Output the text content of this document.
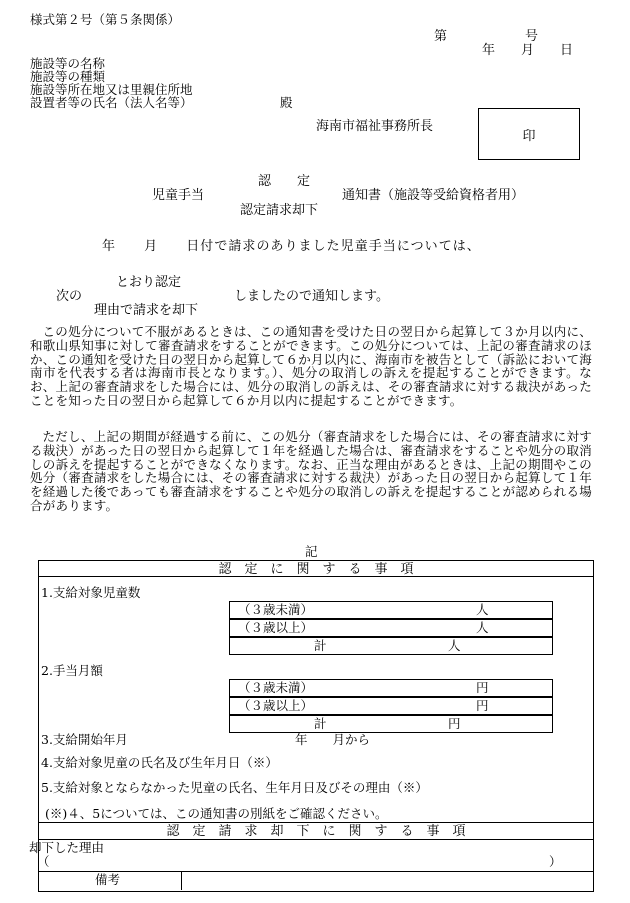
様式第２号（第５条関係）
第　　　　　　号
年　　月　　日
施設等の名称
施設等の種類
施設等所在地又は里親住所地
設置者等の氏名（法人名等）	殿
海南市福祉事務所長
印
認　　定
児童手当	通知書（施設等受給資格者用）
認定請求却下
年　　月　　日付で請求のありました児童手当については、
とおり認定
次の
理由で請求を却下
しましたので通知します。
この処分について不服があるときは、この通知書を受けた日の翌日から起算して３か月以内に、和歌山県知事に対して審査請求をすることができます。この処分については、上記の審査請求のほか、この通知を受けた日の翌日から起算して６か月以内に、海南市を被告として（訴訟において海南市を代表する者は海南市長となります。）、処分の取消しの訴えを提起することができます。なお、上記の審査請求をした場合には、処分の取消しの訴えは、その審査請求に対する裁決があったことを知った日の翌日から起算して６か月以内に提起することができます。
ただし、上記の期間が経過する前に、この処分（審査請求をした場合には、その審査請求に対する裁決）があった日の翌日から起算して１年を経過した場合は、審査請求をすることや処分の取消しの訴えを提起することができなくなります。なお、正当な理由があるときは、上記の期間やこの処分（審査請求をした場合には、その審査請求に対する裁決）があった日の翌日から起算して１年を経過した後であっても審査請求をすることや処分の取消しの訴えを提起することが認められる場合があります。
記
認　定　に　関　す　る　事　項
1.支給対象児童数
（３歳未満）	人
（３歳以上）	人
計	人
2.手当月額
（３歳未満）	円
（３歳以上）	円
計	円
3.支給開始年月	年　　月から
4.支給対象児童の氏名及び生年月日（※）
5.支給対象とならなかった児童の氏名、生年月日及びその理由（※）
(※)４、5については、この通知書の別紙をご確認ください。
認　定　請　求　却　下　に　関　す　る　事　項
却下した理由
（	）
備考
